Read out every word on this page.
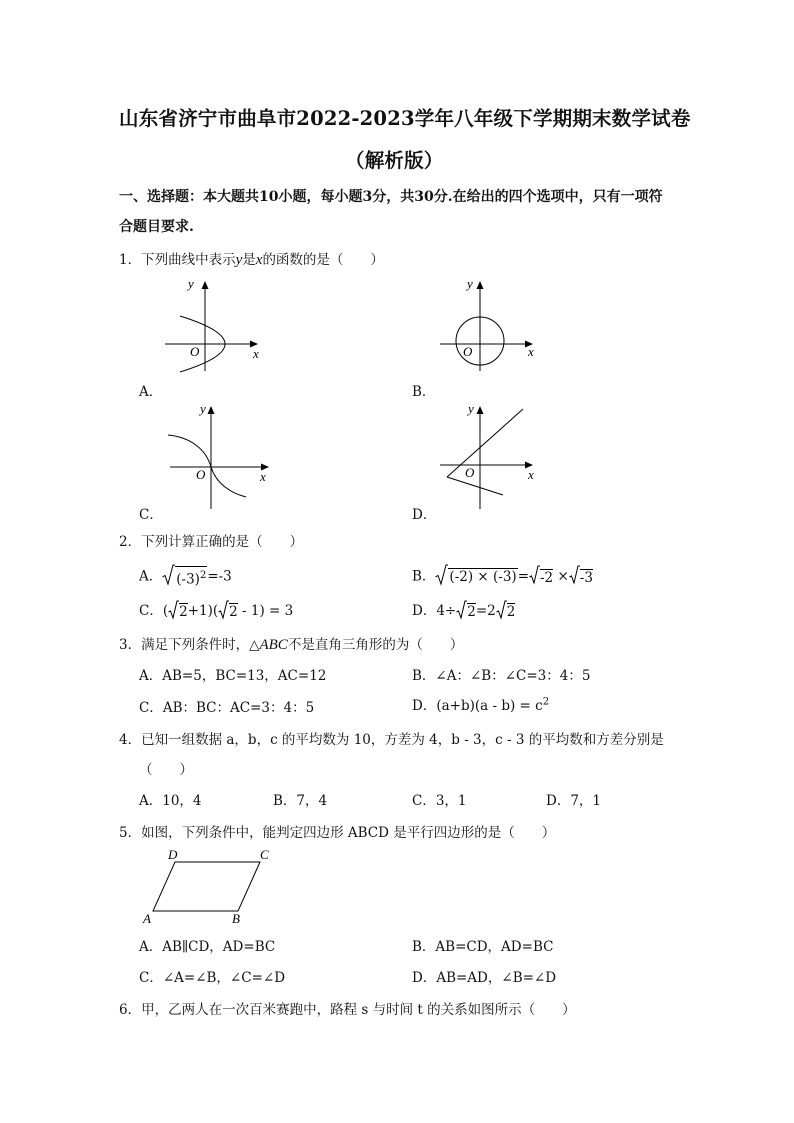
山东省济宁市曲阜市2022-2023学年八年级下学期期末数学试卷
（解析版）
一、选择题：本大题共10小题，每小题3分，共30分.在给出的四个选项中，只有一项符
合题目要求.
1．下列曲线中表示y是x的函数的是（　　）
y
x
O
A．
y
x
O
B．
y
x
O
C．
y
x
O
D．
2．下列计算正确的是（　　）
A． $(-3)^2=-3$	B． (-2) × (-3)= -2 × -3
C．( 2+1)( 2 - 1) = 3	D．4÷ 2=2 2
3．满足下列条件时，△ABC不是直角三角形的为（　　）
A．AB=5，BC=13，AC=12	B．∠A：∠B：∠C=3：4：5
C．AB：BC：AC=3：4：5	D．$(a+b)(a - b) = c^2$
4．已知一组数据 a，b，c 的平均数为 10，方差为 4，b - 3，c - 3 的平均数和方差分别是
（　　）
A．10，4	B．7，4	C．3，1	D．7，1
5．如图，下列条件中，能判定四边形 ABCD 是平行四边形的是（　　）
D	C
A	B
A．AB∥CD，AD=BC	B．AB=CD，AD=BC
C．∠A=∠B，∠C=∠D	D．AB=AD，∠B=∠D
6．甲，乙两人在一次百米赛跑中，路程 s 与时间 t 的关系如图所示（　　）
